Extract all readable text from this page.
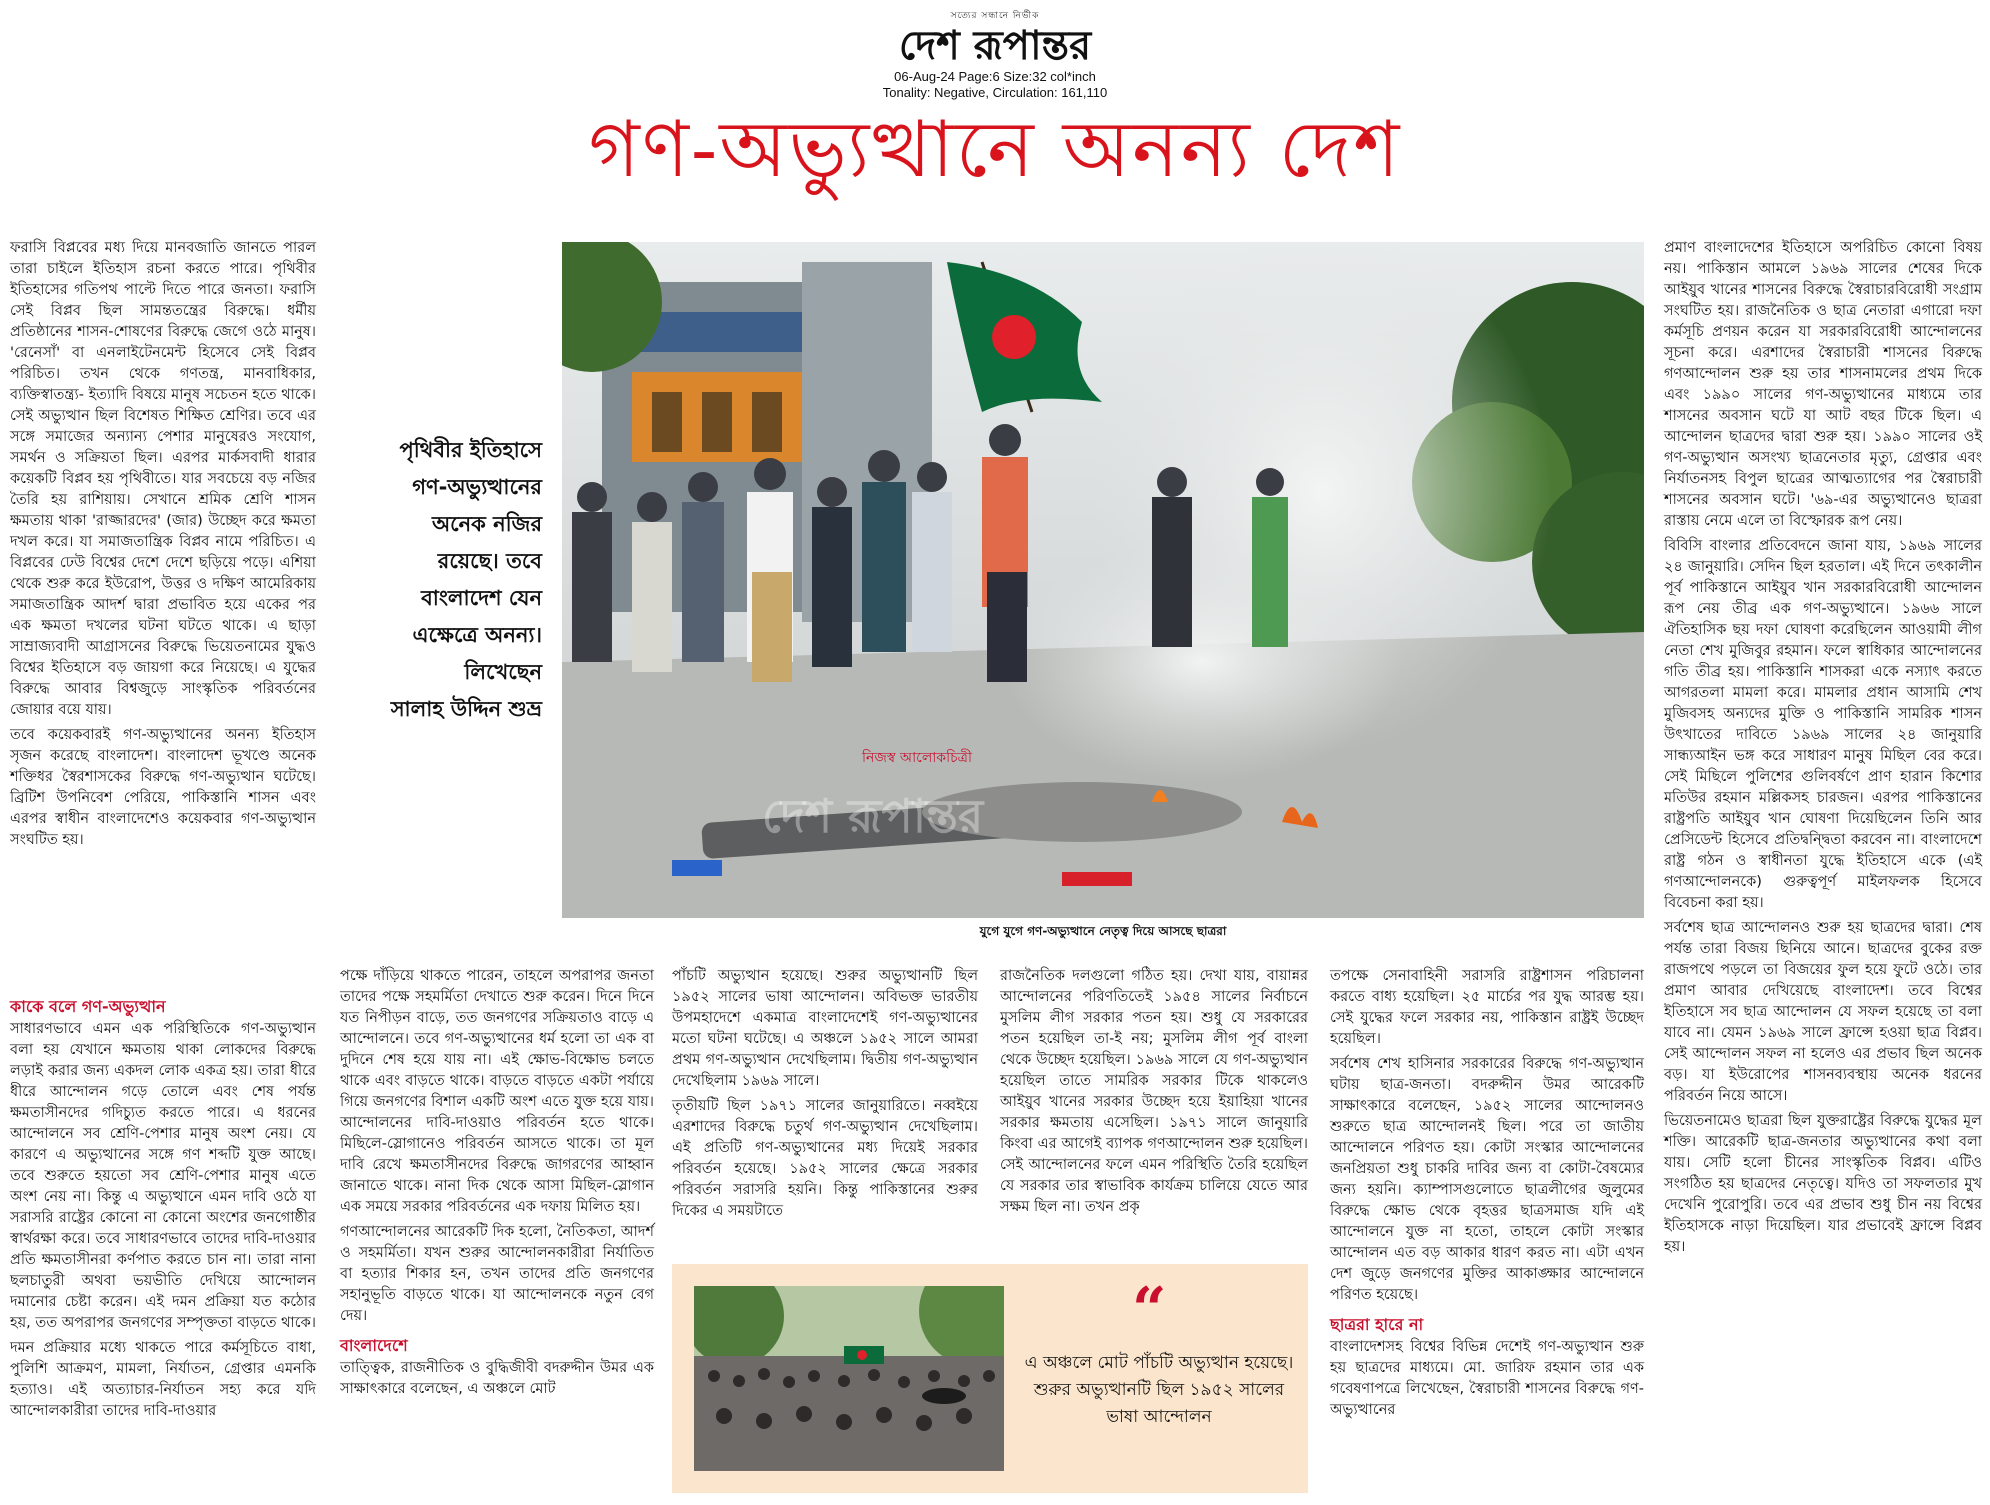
সত্যের সন্ধানে নির্ভীক
দেশ রূপান্তর
06-Aug-24 Page:6 Size:32 col*inch
Tonality: Negative, Circulation: 161,110
গণ-অভ্যুত্থানে অনন্য দেশ

ফরাসি বিপ্লবের মধ্য দিয়ে মানবজাতি জানতে পারল তারা চাইলে ইতিহাস রচনা করতে পারে। পৃথিবীর ইতিহাসের গতিপথ পাল্টে দিতে পারে জনতা। ফরাসি সেই বিপ্লব ছিল সামন্ততন্ত্রের বিরুদ্ধে। ধর্মীয় প্রতিষ্ঠানের শাসন-শোষণের বিরুদ্ধে জেগে ওঠে মানুষ। 'রেনেসাঁ' বা এনলাইটেনমেন্ট হিসেবে সেই বিপ্লব পরিচিত। তখন থেকে গণতন্ত্র, মানবাধিকার, ব্যক্তিস্বাতন্ত্র্য- ইত্যাদি বিষয়ে মানুষ সচেতন হতে থাকে। সেই অভ্যুত্থান ছিল বিশেষত শিক্ষিত শ্রেণির। তবে এর সঙ্গে সমাজের অন্যান্য পেশার মানুষেরও সংযোগ, সমর্থন ও সক্রিয়তা ছিল। এরপর মার্কসবাদী ধারার কয়েকটি বিপ্লব হয় পৃথিবীতে। যার সবচেয়ে বড় নজির তৈরি হয় রাশিয়ায়। সেখানে শ্রমিক শ্রেণি শাসন ক্ষমতায় থাকা 'রাজ্জারদের' (জার) উচ্ছেদ করে ক্ষমতা দখল করে। যা সমাজতান্ত্রিক বিপ্লব নামে পরিচিত। এ বিপ্লবের ঢেউ বিশ্বের দেশে দেশে ছড়িয়ে পড়ে। এশিয়া থেকে শুরু করে ইউরোপ, উত্তর ও দক্ষিণ আমেরিকায় সমাজতান্ত্রিক আদর্শ দ্বারা প্রভাবিত হয়ে একের পর এক ক্ষমতা দখলের ঘটনা ঘটতে থাকে। এ ছাড়া সাম্রাজ্যবাদী আগ্রাসনের বিরুদ্ধে ভিয়েতনামের যুদ্ধও বিশ্বের ইতিহাসে বড় জায়গা করে নিয়েছে। এ যুদ্ধের বিরুদ্ধে আবার বিশ্বজুড়ে সাংস্কৃতিক পরিবর্তনের জোয়ার বয়ে যায়।

তবে কয়েকবারই গণ-অভ্যুত্থানের অনন্য ইতিহাস সৃজন করেছে বাংলাদেশ। বাংলাদেশ ভূখণ্ডে অনেক শক্তিধর স্বৈরশাসকের বিরুদ্ধে গণ-অভ্যুত্থান ঘটেছে। ব্রিটিশ উপনিবেশ পেরিয়ে, পাকিস্তানি শাসন এবং এরপর স্বাধীন বাংলাদেশেও কয়েকবার গণ-অভ্যুত্থান সংঘটিত হয়।

পৃথিবীর ইতিহাসে
গণ-অভ্যুত্থানের
অনেক নজির
রয়েছে। তবে
বাংলাদেশ যেন
এক্ষেত্রে অনন্য।
লিখেছেন

সালাহ উদ্দিন শুভ্র
দেশ রূপান্তর
নিজস্ব আলোকচিত্রী
যুগে যুগে গণ-অভ্যুত্থানে নেতৃত্ব দিয়ে আসছে ছাত্ররা

প্রমাণ বাংলাদেশের ইতিহাসে অপরিচিত কোনো বিষয় নয়। পাকিস্তান আমলে ১৯৬৯ সালের শেষের দিকে আইয়ুব খানের শাসনের বিরুদ্ধে স্বৈরাচারবিরোধী সংগ্রাম সংঘটিত হয়। রাজনৈতিক ও ছাত্র নেতারা এগারো দফা কর্মসূচি প্রণয়ন করেন যা সরকারবিরোধী আন্দোলনের সূচনা করে। এরশাদের স্বৈরাচারী শাসনের বিরুদ্ধে গণআন্দোলন শুরু হয় তার শাসনামলের প্রথম দিকে এবং ১৯৯০ সালের গণ-অভ্যুত্থানের মাধ্যমে তার শাসনের অবসান ঘটে যা আট বছর টিকে ছিল। এ আন্দোলন ছাত্রদের দ্বারা শুরু হয়। ১৯৯০ সালের ওই গণ-অভ্যুত্থান অসংখ্য ছাত্রনেতার মৃত্যু, গ্রেপ্তার এবং নির্যাতনসহ বিপুল ছাত্রের আত্মত্যাগের পর স্বৈরাচারী শাসনের অবসান ঘটে। '৬৯-এর অভ্যুত্থানেও ছাত্ররা রাস্তায় নেমে এলে তা বিস্ফোরক রূপ নেয়।

বিবিসি বাংলার প্রতিবেদনে জানা যায়, ১৯৬৯ সালের ২৪ জানুয়ারি। সেদিন ছিল হরতাল। এই দিনে তৎকালীন পূর্ব পাকিস্তানে আইয়ুব খান সরকারবিরোধী আন্দোলন রূপ নেয় তীব্র এক গণ-অভ্যুত্থানে। ১৯৬৬ সালে ঐতিহাসিক ছয় দফা ঘোষণা করেছিলেন আওয়ামী লীগ নেতা শেখ মুজিবুর রহমান। ফলে স্বাধিকার আন্দোলনের গতি তীব্র হয়। পাকিস্তানি শাসকরা একে নস্যাৎ করতে আগরতলা মামলা করে। মামলার প্রধান আসামি শেখ মুজিবসহ অন্যদের মুক্তি ও পাকিস্তানি সামরিক শাসন উৎখাতের দাবিতে ১৯৬৯ সালের ২৪ জানুয়ারি সান্ধ্যআইন ভঙ্গ করে সাধারণ মানুষ মিছিল বের করে। সেই মিছিলে পুলিশের গুলিবর্ষণে প্রাণ হারান কিশোর মতিউর রহমান মল্লিকসহ চারজন। এরপর পাকিস্তানের রাষ্ট্রপতি আইয়ুব খান ঘোষণা দিয়েছিলেন তিনি আর প্রেসিডেন্ট হিসেবে প্রতিদ্বন্দ্বিতা করবেন না। বাংলাদেশে রাষ্ট্র গঠন ও স্বাধীনতা যুদ্ধে ইতিহাসে একে (এই গণআন্দোলনকে) গুরুত্বপূর্ণ মাইলফলক হিসেবে বিবেচনা করা হয়।

সর্বশেষ ছাত্র আন্দোলনও শুরু হয় ছাত্রদের দ্বারা। শেষ পর্যন্ত তারা বিজয় ছিনিয়ে আনে। ছাত্রদের বুকের রক্ত রাজপথে পড়লে তা বিজয়ের ফুল হয়ে ফুটে ওঠে। তার প্রমাণ আবার দেখিয়েছে বাংলাদেশ। তবে বিশ্বের ইতিহাসে সব ছাত্র আন্দোলন যে সফল হয়েছে তা বলা যাবে না। যেমন ১৯৬৯ সালে ফ্রান্সে হওয়া ছাত্র বিপ্লব। সেই আন্দোলন সফল না হলেও এর প্রভাব ছিল অনেক বড়। যা ইউরোপের শাসনব্যবস্থায় অনেক ধরনের পরিবর্তন নিয়ে আসে।

ভিয়েতনামেও ছাত্ররা ছিল যুক্তরাষ্ট্রের বিরুদ্ধে যুদ্ধের মূল শক্তি। আরেকটি ছাত্র-জনতার অভ্যুত্থানের কথা বলা যায়। সেটি হলো চীনের সাংস্কৃতিক বিপ্লব। এটিও সংগঠিত হয় ছাত্রদের নেতৃত্বে। যদিও তা সফলতার মুখ দেখেনি পুরোপুরি। তবে এর প্রভাব শুধু চীন নয় বিশ্বের ইতিহাসকে নাড়া দিয়েছিল। যার প্রভাবেই ফ্রান্সে বিপ্লব হয়।

কাকে বলে গণ-অভ্যুত্থান

সাধারণভাবে এমন এক পরিস্থিতিকে গণ-অভ্যুত্থান বলা হয় যেখানে ক্ষমতায় থাকা লোকদের বিরুদ্ধে লড়াই করার জন্য একদল লোক একত্র হয়। তারা ধীরে ধীরে আন্দোলন গড়ে তোলে এবং শেষ পর্যন্ত ক্ষমতাসীনদের গদিচ্যুত করতে পারে। এ ধরনের আন্দোলনে সব শ্রেণি-পেশার মানুষ অংশ নেয়। যে কারণে এ অভ্যুত্থানের সঙ্গে গণ শব্দটি যুক্ত আছে। তবে শুরুতে হয়তো সব শ্রেণি-পেশার মানুষ এতে অংশ নেয় না। কিন্তু এ অভ্যুত্থানে এমন দাবি ওঠে যা সরাসরি রাষ্ট্রের কোনো না কোনো অংশের জনগোষ্ঠীর স্বার্থরক্ষা করে। তবে সাধারণভাবে তাদের দাবি-দাওয়ার প্রতি ক্ষমতাসীনরা কর্ণপাত করতে চান না। তারা নানা ছলচাতুরী অথবা ভয়ভীতি দেখিয়ে আন্দোলন দমানোর চেষ্টা করেন। এই দমন প্রক্রিয়া যত কঠোর হয়, তত অপরাপর জনগণের সম্পৃক্ততা বাড়তে থাকে।

দমন প্রক্রিয়ার মধ্যে থাকতে পারে কর্মসূচিতে বাধা, পুলিশি আক্রমণ, মামলা, নির্যাতন, গ্রেপ্তার এমনকি হত্যাও। এই অত্যাচার-নির্যাতন সহ্য করে যদি আন্দোলকারীরা তাদের দাবি-দাওয়ার

পক্ষে দাঁড়িয়ে থাকতে পারেন, তাহলে অপরাপর জনতা তাদের পক্ষে সহমর্মিতা দেখাতে শুরু করেন। দিনে দিনে যত নিপীড়ন বাড়ে, তত জনগণের সক্রিয়তাও বাড়ে এ আন্দোলনে। তবে গণ-অভ্যুত্থানের ধর্ম হলো তা এক বা দুদিনে শেষ হয়ে যায় না। এই ক্ষোভ-বিক্ষোভ চলতে থাকে এবং বাড়তে থাকে। বাড়তে বাড়তে একটা পর্যায়ে গিয়ে জনগণের বিশাল একটি অংশ এতে যুক্ত হয়ে যায়। আন্দোলনের দাবি-দাওয়াও পরিবর্তন হতে থাকে। মিছিলে-স্লোগানেও পরিবর্তন আসতে থাকে। তা মূল দাবি রেখে ক্ষমতাসীনদের বিরুদ্ধে জাগরণের আহ্বান জানাতে থাকে। নানা দিক থেকে আসা মিছিল-স্লোগান এক সময়ে সরকার পরিবর্তনের এক দফায় মিলিত হয়।

গণআন্দোলনের আরেকটি দিক হলো, নৈতিকতা, আদর্শ ও সহমর্মিতা। যখন শুরুর আন্দোলনকারীরা নির্যাতিত বা হত্যার শিকার হন, তখন তাদের প্রতি জনগণের সহানুভূতি বাড়তে থাকে। যা আন্দোলনকে নতুন বেগ দেয়।

বাংলাদেশে

তাত্ত্বিক, রাজনীতিক ও বুদ্ধিজীবী বদরুদ্দীন উমর এক সাক্ষাৎকারে বলেছেন, এ অঞ্চলে মোট

পাঁচটি অভ্যুত্থান হয়েছে। শুরুর অভ্যুত্থানটি ছিল ১৯৫২ সালের ভাষা আন্দোলন। অবিভক্ত ভারতীয় উপমহাদেশে একমাত্র বাংলাদেশেই গণ-অভ্যুত্থানের মতো ঘটনা ঘটেছে। এ অঞ্চলে ১৯৫২ সালে আমরা প্রথম গণ-অভ্যুত্থান দেখেছিলাম। দ্বিতীয় গণ-অভ্যুত্থান দেখেছিলাম ১৯৬৯ সালে।

তৃতীয়টি ছিল ১৯৭১ সালের জানুয়ারিতে। নব্বইয়ে এরশাদের বিরুদ্ধে চতুর্থ গণ-অভ্যুত্থান দেখেছিলাম। এই প্রতিটি গণ-অভ্যুত্থানের মধ্য দিয়েই সরকার পরিবর্তন হয়েছে। ১৯৫২ সালের ক্ষেত্রে সরকার পরিবর্তন সরাসরি হয়নি। কিন্তু পাকিস্তানের শুরুর দিকের এ সময়টাতে

রাজনৈতিক দলগুলো গঠিত হয়। দেখা যায়, বায়ান্নর আন্দোলনের পরিণতিতেই ১৯৫৪ সালের নির্বাচনে মুসলিম লীগ সরকার পতন হয়। শুধু যে সরকারের পতন হয়েছিল তা-ই নয়; মুসলিম লীগ পূর্ব বাংলা থেকে উচ্ছেদ হয়েছিল। ১৯৬৯ সালে যে গণ-অভ্যুত্থান হয়েছিল তাতে সামরিক সরকার টিকে থাকলেও আইয়ুব খানের সরকার উচ্ছেদ হয়ে ইয়াহিয়া খানের সরকার ক্ষমতায় এসেছিল। ১৯৭১ সালে জানুয়ারি কিংবা এর আগেই ব্যাপক গণআন্দোলন শুরু হয়েছিল। সেই আন্দোলনের ফলে এমন পরিস্থিতি তৈরি হয়েছিল যে সরকার তার স্বাভাবিক কার্যক্রম চালিয়ে যেতে আর সক্ষম ছিল না। তখন প্রকৃ

তপক্ষে সেনাবাহিনী সরাসরি রাষ্ট্রশাসন পরিচালনা করতে বাধ্য হয়েছিল। ২৫ মার্চের পর যুদ্ধ আরম্ভ হয়। সেই যুদ্ধের ফলে সরকার নয়, পাকিস্তান রাষ্ট্রই উচ্ছেদ হয়েছিল।

সর্বশেষ শেখ হাসিনার সরকারের বিরুদ্ধে গণ-অভ্যুত্থান ঘটায় ছাত্র-জনতা। বদরুদ্দীন উমর আরেকটি সাক্ষাৎকারে বলেছেন, ১৯৫২ সালের আন্দোলনও শুরুতে ছাত্র আন্দোলনই ছিল। পরে তা জাতীয় আন্দোলনে পরিণত হয়। কোটা সংস্কার আন্দোলনের জনপ্রিয়তা শুধু চাকরি দাবির জন্য বা কোটা-বৈষম্যের জন্য হয়নি। ক্যাম্পাসগুলোতে ছাত্রলীগের জুলুমের বিরুদ্ধে ক্ষোভ থেকে বৃহত্তর ছাত্রসমাজ যদি এই আন্দোলনে যুক্ত না হতো, তাহলে কোটা সংস্কার আন্দোলন এত বড় আকার ধারণ করত না। এটা এখন দেশ জুড়ে জনগণের মুক্তির আকাঙ্ক্ষার আন্দোলনে পরিণত হয়েছে।

ছাত্ররা হারে না

বাংলাদেশসহ বিশ্বের বিভিন্ন দেশেই গণ-অভ্যুত্থান শুরু হয় ছাত্রদের মাধ্যমে। মো. জারিফ রহমান তার এক গবেষণাপত্রে লিখেছেন, স্বৈরাচারী শাসনের বিরুদ্ধে গণ-অভ্যুত্থানের

“
এ অঞ্চলে মোট পাঁচটি অভ্যুত্থান হয়েছে। শুরুর অভ্যুত্থানটি ছিল ১৯৫২ সালের ভাষা আন্দোলন
